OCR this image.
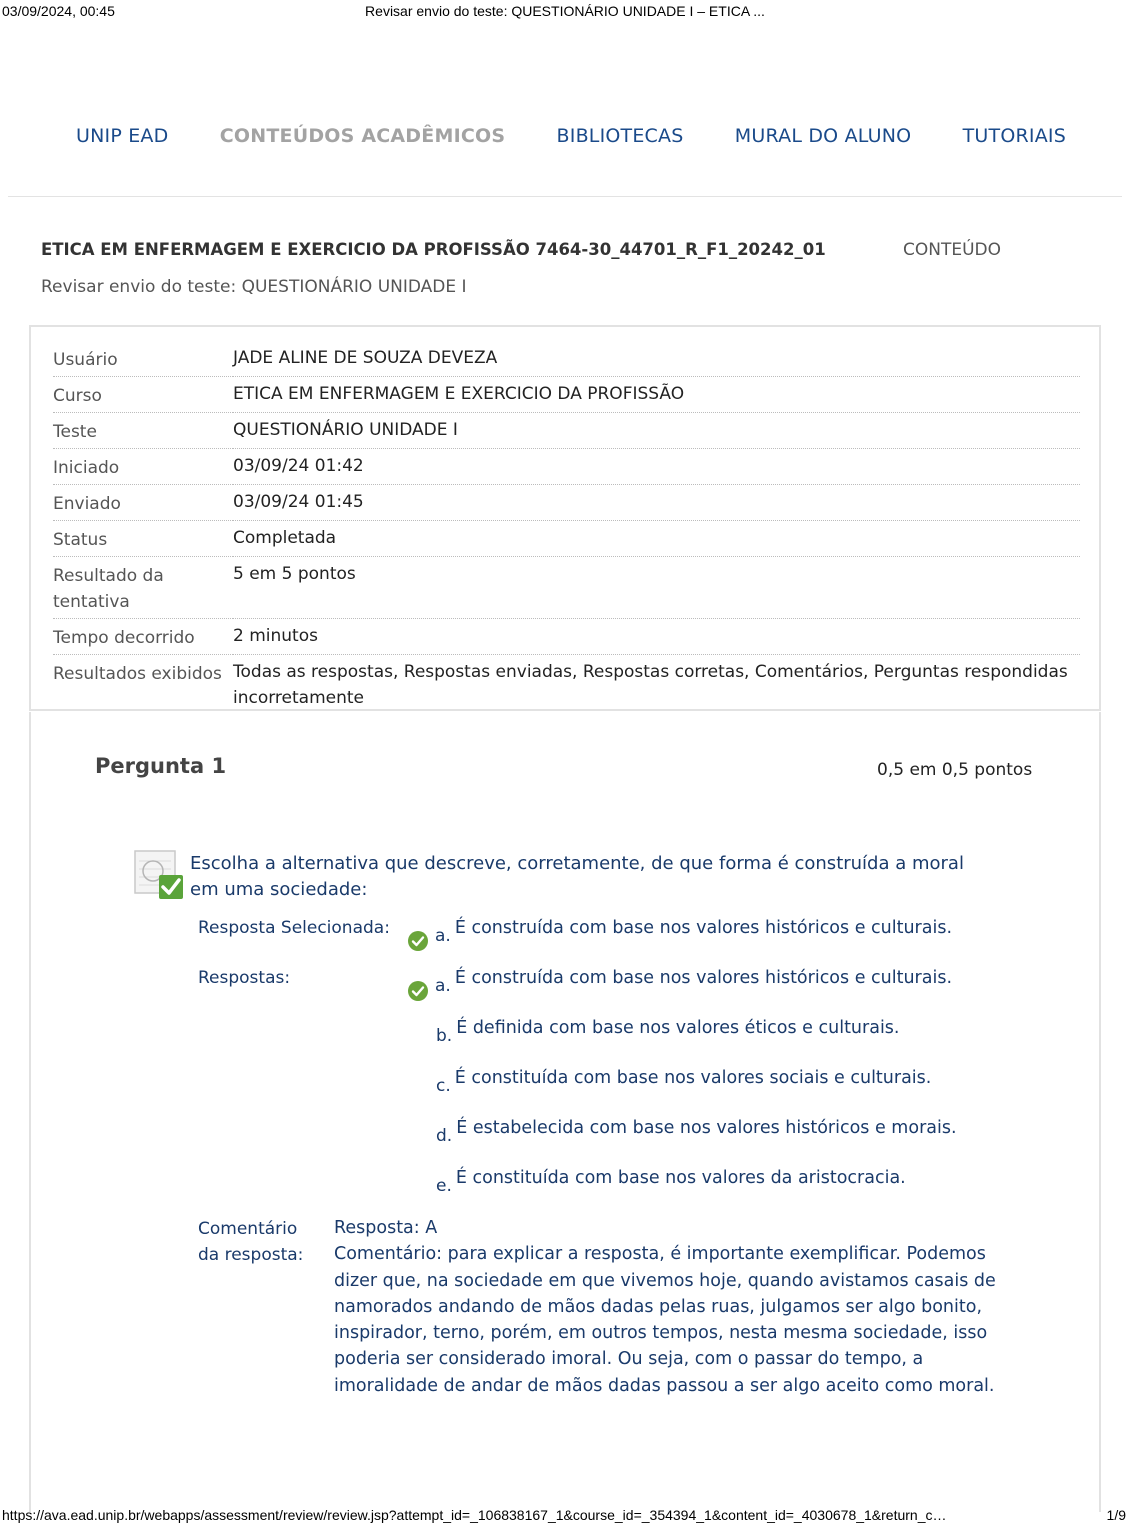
03/09/2024, 00:45	Revisar envio do teste: QUESTIONÁRIO UNIDADE I – ETICA ...
UNIP EAD	CONTEÚDOS ACADÊMICOS	BIBLIOTECAS	MURAL DO ALUNO	TUTORIAIS
ETICA EM ENFERMAGEM E EXERCICIO DA PROFISSÃO 7464-30_44701_R_F1_20242_01	CONTEÚDO
Revisar envio do teste: QUESTIONÁRIO UNIDADE I
Usuário	JADE ALINE DE SOUZA DEVEZA
Curso	ETICA EM ENFERMAGEM E EXERCICIO DA PROFISSÃO
Teste	QUESTIONÁRIO UNIDADE I
Iniciado	03/09/24 01:42
Enviado	03/09/24 01:45
Status	Completada
Resultado da tentativa	5 em 5 pontos
Tempo decorrido	2 minutos
Resultados exibidos	Todas as respostas, Respostas enviadas, Respostas corretas, Comentários, Perguntas respondidas incorretamente
Pergunta 1	0,5 em 0,5 pontos
Escolha a alternativa que descreve, corretamente, de que forma é construída a moral em uma sociedade:
Resposta Selecionada:	a. É construída com base nos valores históricos e culturais.
Respostas:	a. É construída com base nos valores históricos e culturais.
b. É definida com base nos valores éticos e culturais.
c. É constituída com base nos valores sociais e culturais.
d. É estabelecida com base nos valores históricos e morais.
e. É constituída com base nos valores da aristocracia.
Comentário
da resposta:
Resposta: A
Comentário: para explicar a resposta, é importante exemplificar. Podemos dizer que, na sociedade em que vivemos hoje, quando avistamos casais de namorados andando de mãos dadas pelas ruas, julgamos ser algo bonito, inspirador, terno, porém, em outros tempos, nesta mesma sociedade, isso poderia ser considerado imoral. Ou seja, com o passar do tempo, a imoralidade de andar de mãos dadas passou a ser algo aceito como moral.
https://ava.ead.unip.br/webapps/assessment/review/review.jsp?attempt_id=_106838167_1&course_id=_354394_1&content_id=_4030678_1&return_c…	1/9
